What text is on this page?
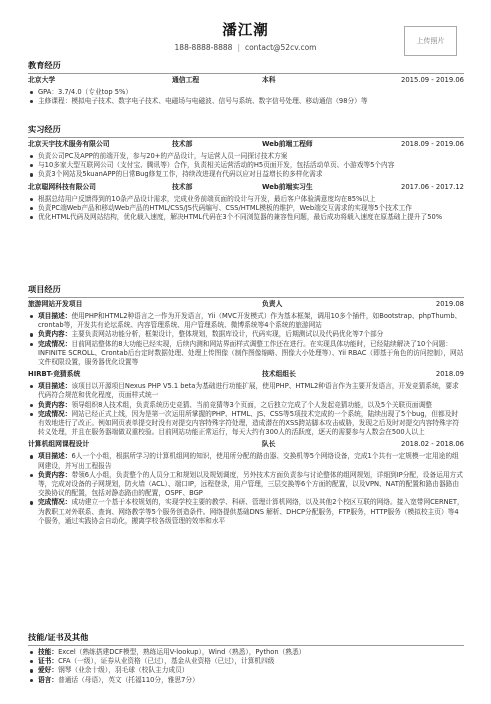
潘江潮
188-8888-8888 | contact@52cv.com
上传照片
教育经历
北京大学	通信工程	本科	2015.09 - 2019.06
GPA：3.7/4.0（专业top 5%）
主修课程：模拟电子技术、数字电子技术、电磁场与电磁波、信号与系统、数字信号处理、移动通信（98分）等
实习经历
北京天宇技术服务有限公司	技术部	Web前端工程师	2018.09 - 2019.06
负责公司PC及APP的前端开发，参与20+的产品设计，与运营人员一同探讨技术方案
与10多家大型互联网公司（支付宝、腾讯等）合作，负责相关运营活动的H5页面开发，包括活动单页、小游戏等5个内容
负责3个网站及5kuanAPP的日常Bug修复工作，持续改进现有代码以应对日益增长的多样化需求
北京聪网科技有限公司	技术部	Web前端实习生	2017.06 - 2017.12
根据总结用户反馈得到的10条产品设计需求，完成业务前端页面的设计与开发，最后客户体验满意度均在85%以上
负责PC端Web产品和移动Web产品的HTML/CSS/JS代码编写、CSS/HTML模板的维护，Web端交互需求的实现等5个技术工作
优化HTML代码及网站结构，优化载入速度，解决HTML代码在3个不同浏览器的兼容性问题，最后成功将载入速度在原基础上提升了50%
项目经历
旅游网站开发项目	负责人	2019.08
项目描述：使用PHP和HTML2种语言之一作为开发语言，Yii（MVC开发模式）作为基本框架，调用10多个插件，如Bootstrap、phpThumb、crontab等，开发共有论坛系统、内容管理系统、用户管理系统、微博系统等4个系统的旅游网站
负责内容：主要负责网站功能分析，框架设计，整体规划，数据库设计，代码实现，后期测试以及代码优化等7个部分
完成情况：目前网站整体的8大功能已经实现，后续内测和网站界面样式调整工作还在进行。在实现具体功能时，已经陆续解决了10个问题：INFINITE SCROLL、Crontab后台定时数据处理、处理上传图像（制作图像缩略、图像大小处理等）、Yii RBAC（即基于角色的访问控制），网站文件权限设置，服务器优化设置等
HIRBT-竞猜系统	技术组组长	2018.09
项目描述：该项目以开源项目Nexus PHP V5.1 beta为基础进行功能扩展，使用PHP、HTML2种语言作为主要开发语言，开发竞猜系统，要求代码符合规范和优化程度，页面样式统一
负责内容：领导组织8人技术组，负责系统历史竞猜、当前竞猜等3个页面，之后独立完成了个人发起竞猜功能，以及5个关联页面调整
完成情况：网站已经正式上线，因为是第一次运用所掌握的PHP、HTML、JS、CSS等5项技术完成的一个系统，陆续出现了5个bug，但都及时有效地进行了改正。例如网页表单提交时没有对提交内容特殊字符处理，造成潜在的XSS跨站脚本攻击威胁，发现之后及时对提交内容特殊字符转义处理，并且在服务器端做双重校验。目前网站功能正常运行，每天大约有300人的活跃度，逐天的需要参与人数会在500人以上
计算机组网课程设计	队长	2018.02 - 2018.06
项目描述：6人一个小组，根据所学习的计算机组网的知识，使用所分配的路由器、交换机等5个网络设备，完成1个共有一定规模一定用途的组网建设，并写出工程报告
负责内容：带领6人小组，负责整个的人员分工和规划以及规划调度，另外技术方面负责参与讨论整体的组网规划，详细到IP分配，设备运用方式等，完成对设备的子网规划，防火墙（ACL）、端口IP，远程登录，用户管理，三层交换等6个方面的配置，以及VPN、NAT的配置和路由器路由交换协议的配置，包括对静态路由的配置，OSPF、BGP
完成情况：成功建立一个基于本校规划的，实现学校主要的教学、科研、管理计算机网络，以及其他2个校区互联的网络。接入宽带网CERNET，为教职工对外联系、查询、网络教学等5个服务创造条件。网络提供基础DNS 解析、DHCP分配服务，FTP服务，HTTP服务（模拟校主页）等4个服务，通过实践协会自动化，搬离学校各级管理的效率和水平
技能/证书及其他
技能：Excel（熟练搭建DCF模型，熟练运用V-lookup），Wind（熟悉），Python（熟悉）
证书：CFA（一级），证券从业资格（已过），基金从业资格（已过），计算机四级
爱好：钢琴（业余十级），羽毛球（校队主力成员）
语言：普通话（母语），英文（托福110分，雅思7分）
